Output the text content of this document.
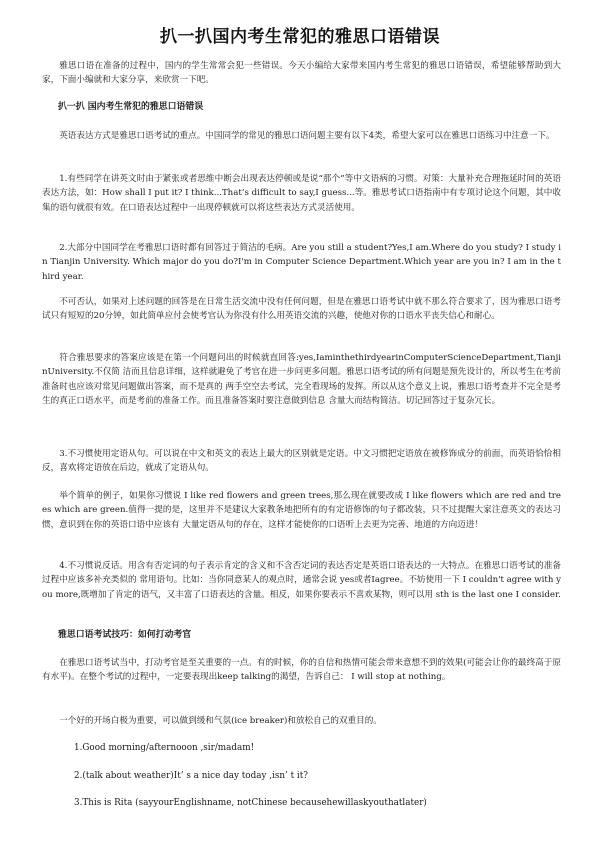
扒一扒国内考生常犯的雅思口语错误

雅思口语在准备的过程中，国内的学生常常会犯一些错误。今天小编给大家带来国内考生常犯的雅思口语错误，希望能够帮助到大家，下面小编就和大家分享，来欣赏一下吧。

扒一扒 国内考生常犯的雅思口语错误

英语表达方式是雅思口语考试的重点。中国同学的常见的雅思口语问题主要有以下4类，希望大家可以在雅思口语练习中注意一下。

1.有些同学在讲英文时由于紧张或者思维中断会出现表达停顿或是说“那个”等中文语病的习惯。对策：大量补充合理拖延时间的英语表达方法，如：How shall I put it? I think...That’s difficult to say,I guess...等。雅思考试口语指南中有专项讨论这个问题，其中收集的语句就很有效。在口语表达过程中一出现停顿就可以将这些表达方式灵活使用。

2.大部分中国同学在考雅思口语时都有回答过于简洁的毛病。Are you still a student?Yes,I am.Where do you study? I study in Tianjin University. Which major do you do?I'm in Computer Science Department.Which year are you in? I am in the third year.

不可否认，如果对上述问题的回答是在日常生活交流中没有任何问题，但是在雅思口语考试中就不那么符合要求了，因为雅思口语考试只有短短的20分钟，如此简单应付会使考官认为你没有什么用英语交流的兴趣，使他对你的口语水平丧失信心和耐心。

符合雅思要求的答案应该是在第一个问题问出的时候就直回答:yes,IaminthethirdyearinComputerScienceDepartment,TianjinUniversity.不仅简 洁而且信息详细，这样就避免了考官在进一步问更多问题。雅思口语考试的所有问题是预先设计的，所以考生在考前准备时也应该对常见问题做出答案，而不是真的 两手空空去考试，完全看现场的发挥。所以从这个意义上说，雅思口语考查并不完全是考生的真正口语水平，而是考前的准备工作。而且准备答案时要注意做到信息 含量大而结构简洁。切记回答过于复杂冗长。

3.不习惯使用定语从句。可以说在中文和英文的表达上最大的区别就是定语。中文习惯把定语放在被修饰成分的前面，而英语恰恰相反，喜欢将定语放在后边，就成了定语从句。

举个简单的例子，如果你习惯说 I like red flowers and green trees,那么现在就要改成 I like flowers which are red and trees which are green.值得一提的是，这里并不是建议大家教条地把所有的有定语修饰的句子都改装，只不过提醒大家注意英文的表达习惯，意识到在你的英语口语中应该有 大量定语从句的存在，这样才能使你的口语听上去更为完善、地道的方向迈进！

4.不习惯说反话。用含有否定词的句子表示肯定的含义和不含否定词的表达否定是英语口语表达的一大特点。在雅思口语考试的准备过程中应该多补充类似的 常用语句。比如：当你同意某人的观点时，通常会说 yes或者Iagree。不妨使用一下 I couldn't agree with you more,既增加了肯定的语气，又丰富了口语表达的含量。相反，如果你要表示不喜欢某物，则可以用 sth is the last one I consider.

雅思口语考试技巧：如何打动考官

在雅思口语考试当中，打动考官是至关重要的一点。有的时候，你的自信和热情可能会带来意想不到的效果(可能会让你的最终高于原有水平)。在整个考试的过程中，一定要表现出keep talking的渴望，告诉自己： I will stop at nothing。

一个好的开场白极为重要，可以做到缓和气氛(ice breaker)和放松自己的双重目的。

1.Good morning/afternooon ,sir/madam!

2.(talk about weather)It’ s a nice day today ,isn’ t it?

3.This is Rita (sayyourEnglishname, notChinese becausehewillaskyouthatlater)
